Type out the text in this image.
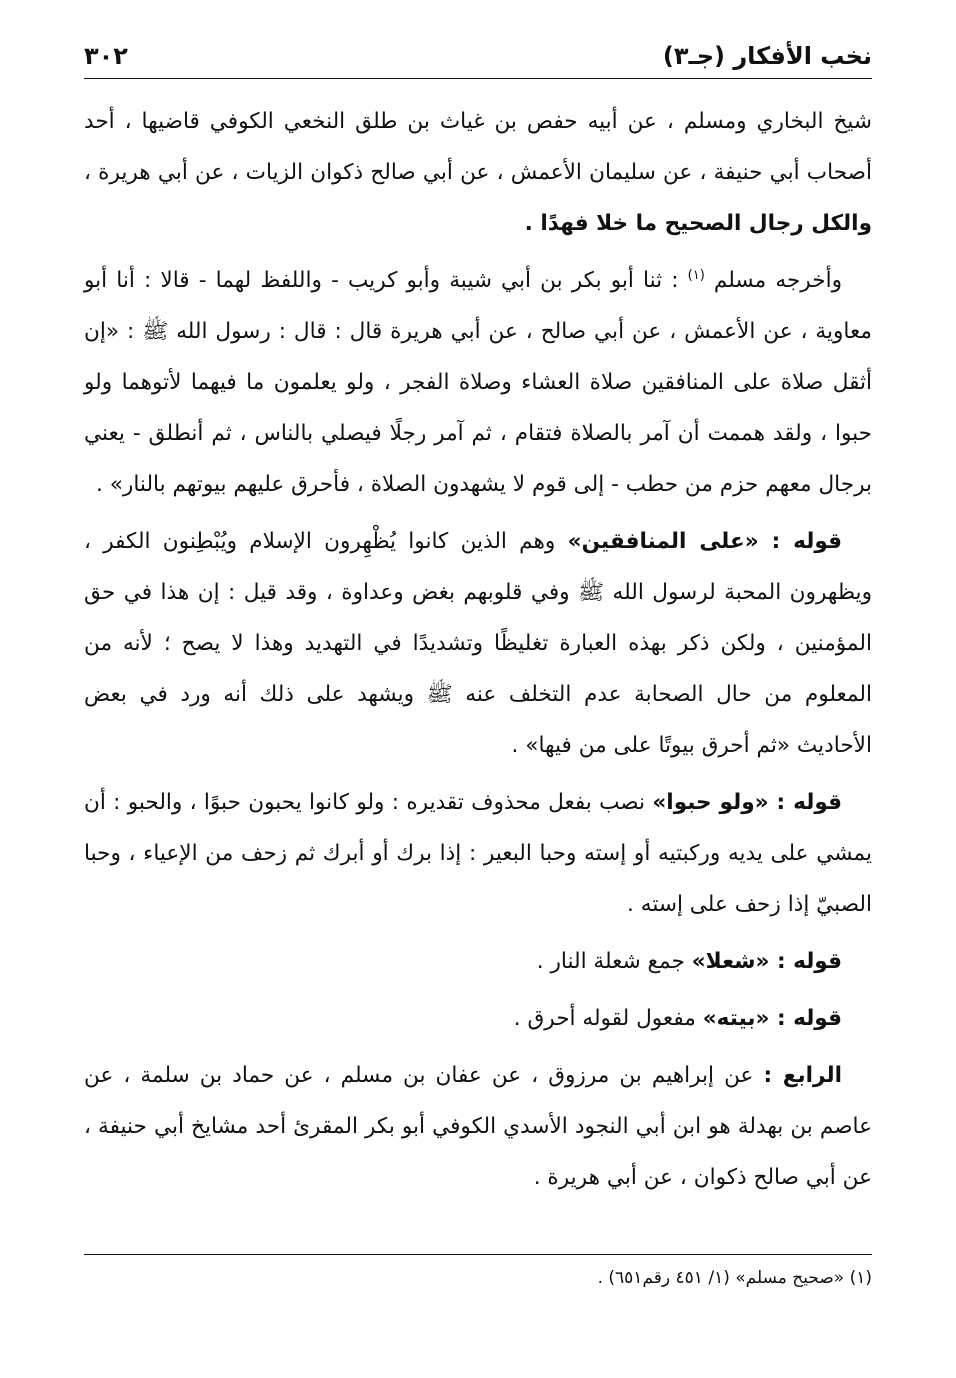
نخب الأفكار (جـ٣)
٣٠٢

شيخ البخاري ومسلم ، عن أبيه حفص بن غياث بن طلق النخعي الكوفي قاضيها ، أحد أصحاب أبي حنيفة ، عن سليمان الأعمش ، عن أبي صالح ذكوان الزيات ، عن أبي هريرة ، والكل رجال الصحيح ما خلا فهدًا .

وأخرجه مسلم $^{(١)}$ : ثنا أبو بكر بن أبي شيبة وأبو كريب - واللفظ لهما - قالا : أنا أبو معاوية ، عن الأعمش ، عن أبي صالح ، عن أبي هريرة قال : قال : رسول الله ﷺ : «إن أثقل صلاة على المنافقين صلاة العشاء وصلاة الفجر ، ولو يعلمون ما فيهما لأتوهما ولو حبوا ، ولقد هممت أن آمر بالصلاة فتقام ، ثم آمر رجلًا فيصلي بالناس ، ثم أنطلق - يعني برجال معهم حزم من حطب - إلى قوم لا يشهدون الصلاة ، فأحرق عليهم بيوتهم بالنار» .

قوله : «على المنافقين» وهم الذين كانوا يُظْهِرون الإسلام ويُبْطِنون الكفر ، ويظهرون المحبة لرسول الله ﷺ وفي قلوبهم بغض وعداوة ، وقد قيل : إن هذا في حق المؤمنين ، ولكن ذكر بهذه العبارة تغليظًا وتشديدًا في التهديد وهذا لا يصح ؛ لأنه من المعلوم من حال الصحابة عدم التخلف عنه ﷺ ويشهد على ذلك أنه ورد في بعض الأحاديث «ثم أحرق بيوتًا على من فيها» .

قوله : «ولو حبوا» نصب بفعل محذوف تقديره : ولو كانوا يحبون حبوًا ، والحبو : أن يمشي على يديه وركبتيه أو إسته وحبا البعير : إذا برك أو أبرك ثم زحف من الإعياء ، وحبا الصبيّ إذا زحف على إسته .

قوله : «شعلا» جمع شعلة النار .

قوله : «بيته» مفعول لقوله أحرق .

الرابع : عن إبراهيم بن مرزوق ، عن عفان بن مسلم ، عن حماد بن سلمة ، عن عاصم بن بهدلة هو ابن أبي النجود الأسدي الكوفي أبو بكر المقرئ أحد مشايخ أبي حنيفة ، عن أبي صالح ذكوان ، عن أبي هريرة .

(١) «صحيح مسلم» (١/ ٤٥١ رقم٦٥١) .
